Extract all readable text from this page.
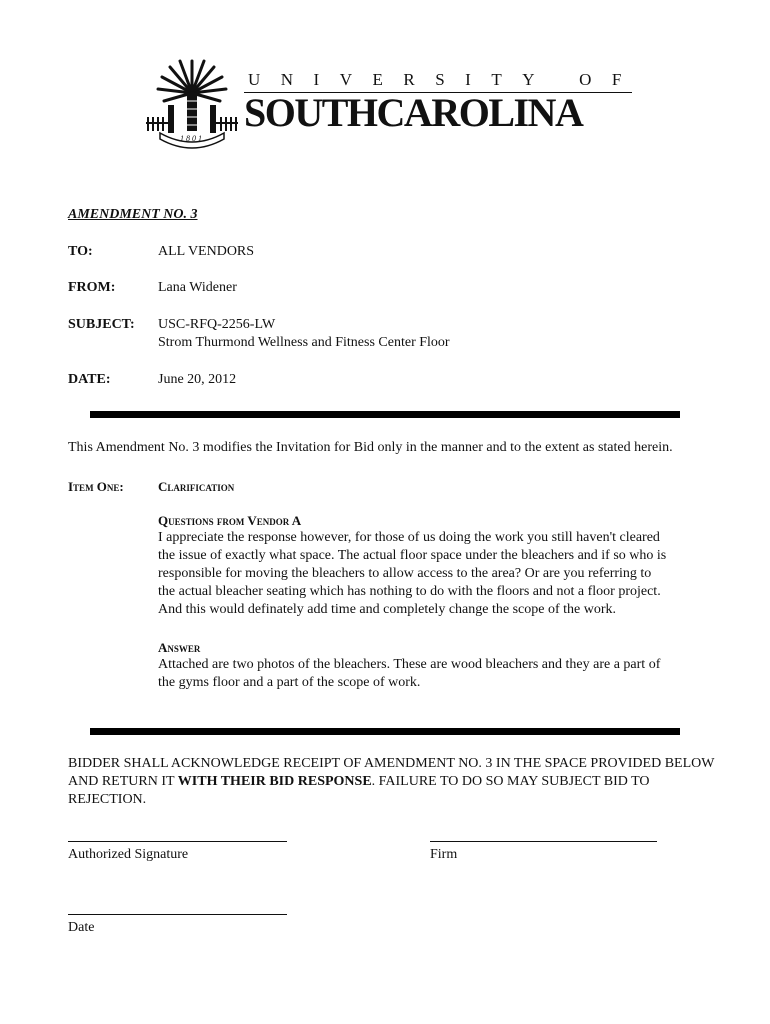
1801
UNIVERSITY OF
SOUTHCAROLINA
AMENDMENT NO. 3
TO:	ALL VENDORS
FROM:	Lana Widener
SUBJECT: USC-RFQ-2256-LW
Strom Thurmond Wellness and Fitness Center Floor
DATE:	June 20, 2012
This Amendment No. 3 modifies the Invitation for Bid only in the manner and to the extent as stated herein.
Item One:	Clarification
Questions from Vendor A
I appreciate the response however, for those of us doing the work you still haven't cleared
the issue of exactly what space. The actual floor space under the bleachers and if so who is
responsible for moving the bleachers to allow access to the area? Or are you referring to
the actual bleacher seating which has nothing to do with the floors and not a floor project.
And this would definately add time and completely change the scope of the work.
Answer
Attached are two photos of the bleachers. These are wood bleachers and they are a part of
the gyms floor and a part of the scope of work.
BIDDER SHALL ACKNOWLEDGE RECEIPT OF AMENDMENT NO. 3 IN THE SPACE PROVIDED BELOW AND RETURN IT WITH THEIR BID RESPONSE. FAILURE TO DO SO MAY SUBJECT BID TO REJECTION.
Authorized Signature	Firm
Date
